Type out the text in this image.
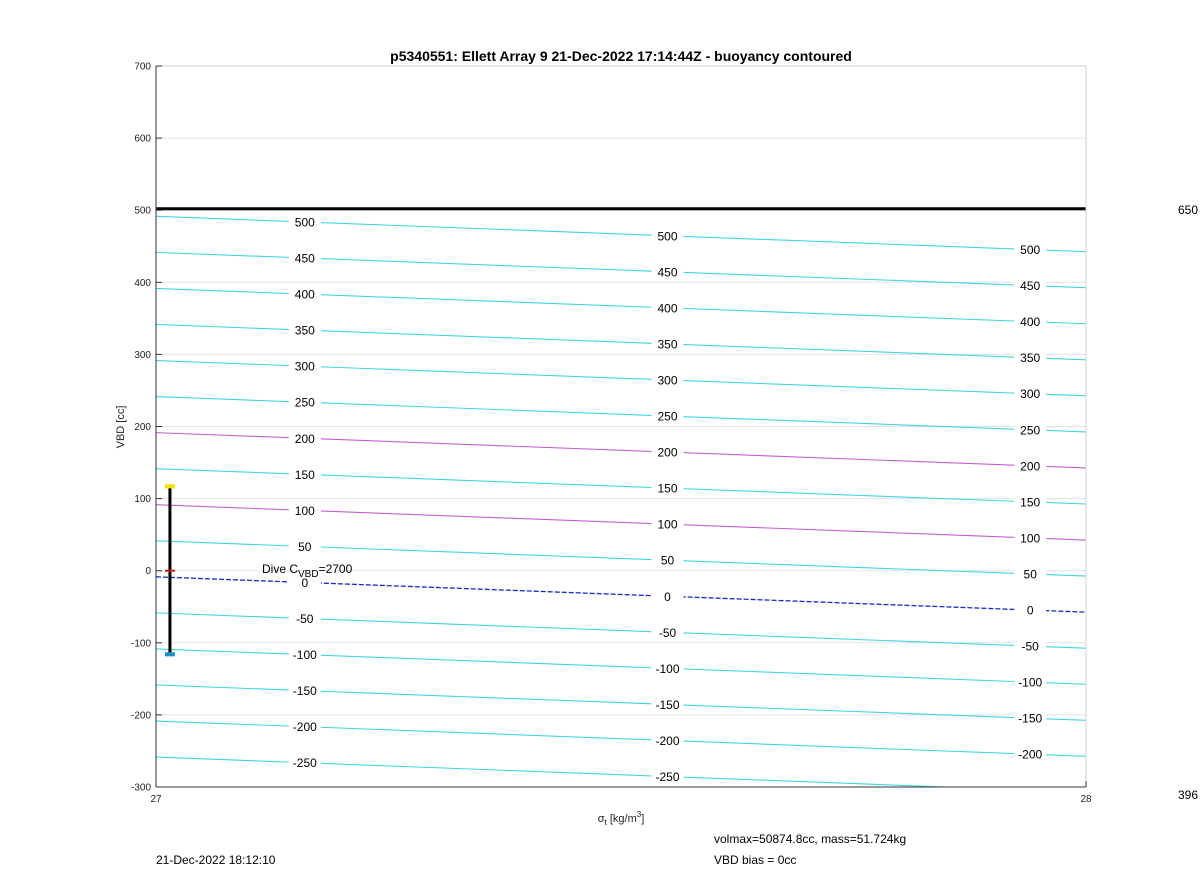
p5340551: Ellett Array 9 21-Dec-2022 17:14:44Z - buoyancy contoured
700
600
500
400
300
200
100
0
-100
-200
-300
27	28
500
500
500
450
450
450
400
400
400
350
350
350
300
300
300
250
250
250
200
200
200
150
150
150
100
100
100
50
50
50
0
0
0
-50
-50
-50
-100
-100
-100
-150
-150
-150
-200
-200
-200
-250
-250
VBD [cc]
$\sigma_t$ $[kg/m^3]$
Dive $C_{VBD}=2700$
650
396
volmax=50874.8cc, mass=51.724kg
VBD bias = 0cc
21-Dec-2022 18:12:10
